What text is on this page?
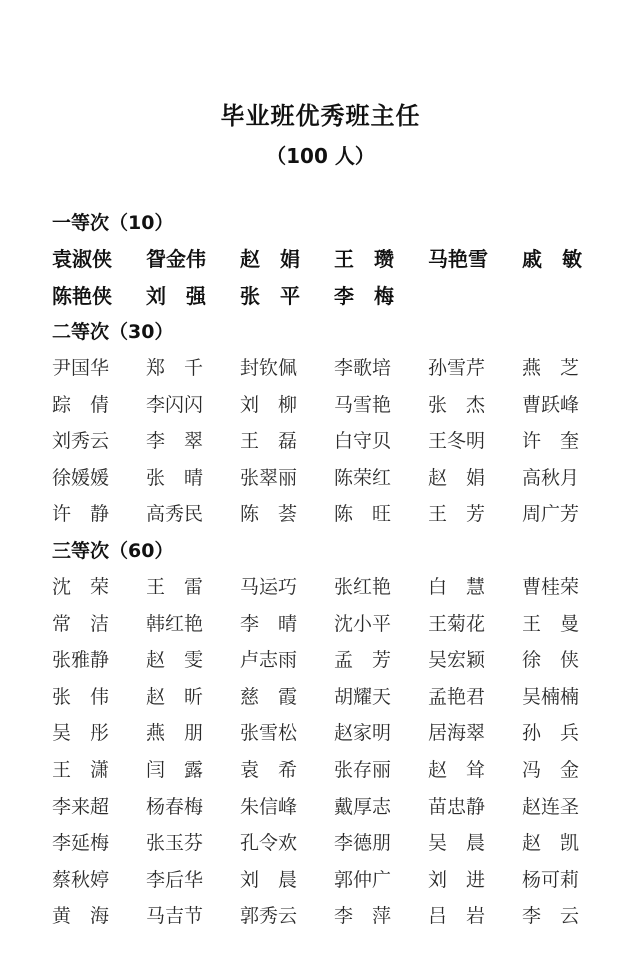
毕业班优秀班主任
（100 人）
一等次（10）
袁淑侠	眢金伟	赵　娟	王　瓒	马艳雪	戚　敏
陈艳侠	刘　强	张　平	李　梅
二等次（30）
尹国华	郑　千	封钦佩	李歌培	孙雪芹	燕　芝
踪　倩	李闪闪	刘　柳	马雪艳	张　杰	曹跃峰
刘秀云	李　翠	王　磊	白守贝	王冬明	许　奎
徐媛媛	张　晴	张翠丽	陈荣红	赵　娟	高秋月
许　静	高秀民	陈　荟	陈　旺	王　芳	周广芳
三等次（60）
沈　荣	王　雷	马运巧	张红艳	白　慧	曹桂荣
常　洁	韩红艳	李　晴	沈小平	王菊花	王　曼
张雅静	赵　雯	卢志雨	孟　芳	吴宏颖	徐　侠
张　伟	赵　昕	慈　霞	胡耀天	孟艳君	吴楠楠
吴　彤	燕　朋	张雪松	赵家明	居海翠	孙　兵
王　潇	闫　露	袁　希	张存丽	赵　耸	冯　金
李来超	杨春梅	朱信峰	戴厚志	苗忠静	赵连圣
李延梅	张玉芬	孔令欢	李德朋	吴　晨	赵　凯
蔡秋婷	李后华	刘　晨	郭仲广	刘　进	杨可莉
黄　海	马吉节	郭秀云	李　萍	吕　岩	李　云
